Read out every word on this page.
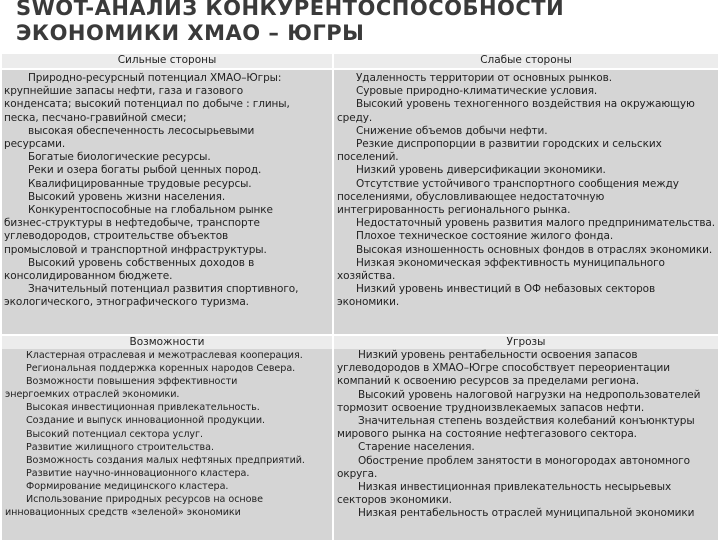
SWOT-АНАЛИЗ КОНКУРЕНТОСПОСОБНОСТИ
ЭКОНОМИКИ ХМАО – ЮГРЫ
Сильные стороны	Слабые стороны
Природно-ресурсный потенциал ХМАО–Югры:
крупнейшие запасы нефти, газа и газового
конденсата; высокий потенциал по добыче : глины,
песка, песчано-гравийной смеси;
высокая обеспеченность лесосырьевыми
ресурсами.
Богатые биологические ресурсы.
Реки и озера богаты рыбой ценных пород.
Квалифицированные трудовые ресурсы.
Высокий уровень жизни населения.
Конкурентоспособные на глобальном рынке
бизнес-структуры в нефтедобыче, транспорте
углеводородов, строительстве объектов
промысловой и транспортной инфраструктуры.
Высокий уровень собственных доходов в
консолидированном бюджете.
Значительный потенциал развития спортивного,
экологического, этнографического туризма.
Удаленность территории от основных рынков.
Суровые природно-климатические условия.
Высокий уровень техногенного воздействия на окружающую
среду.
Снижение объемов добычи нефти.
Резкие диспропорции в развитии городских и сельских
поселений.
Низкий уровень диверсификации экономики.
Отсутствие устойчивого транспортного сообщения между
поселениями, обусловливающее недостаточную
интегрированность регионального рынка.
Недостаточный уровень развития малого предпринимательства.
Плохое техническое состояние жилого фонда.
Высокая изношенность основных фондов в отраслях экономики.
Низкая экономическая эффективность муниципального
хозяйства.
Низкий уровень инвестиций в ОФ небазовых секторов
экономики.
Возможности	Угрозы
Кластерная отраслевая и межотраслевая кооперация.
Региональная поддержка коренных народов Севера.
Возможности повышения эффективности
энергоемких отраслей экономики.
Высокая инвестиционная привлекательность.
Создание и выпуск инновационной продукции.
Высокий потенциал сектора услуг.
Развитие жилищного строительства.
Возможность создания малых нефтяных предприятий.
Развитие научно-инновационного кластера.
Формирование медицинского кластера.
Использование природных ресурсов на основе
инновационных средств «зеленой» экономики
Низкий уровень рентабельности освоения запасов
углеводородов в ХМАО–Югре способствует переориентации
компаний к освоению ресурсов за пределами региона.
Высокий уровень налоговой нагрузки на недропользователей
тормозит освоение трудноизвлекаемых запасов нефти.
Значительная степень воздействия колебаний конъюнктуры
мирового рынка на состояние нефтегазового сектора.
Старение населения.
Обострение проблем занятости в моногородах автономного
округа.
Низкая инвестиционная привлекательность несырьевых
секторов экономики.
Низкая рентабельность отраслей муниципальной экономики
